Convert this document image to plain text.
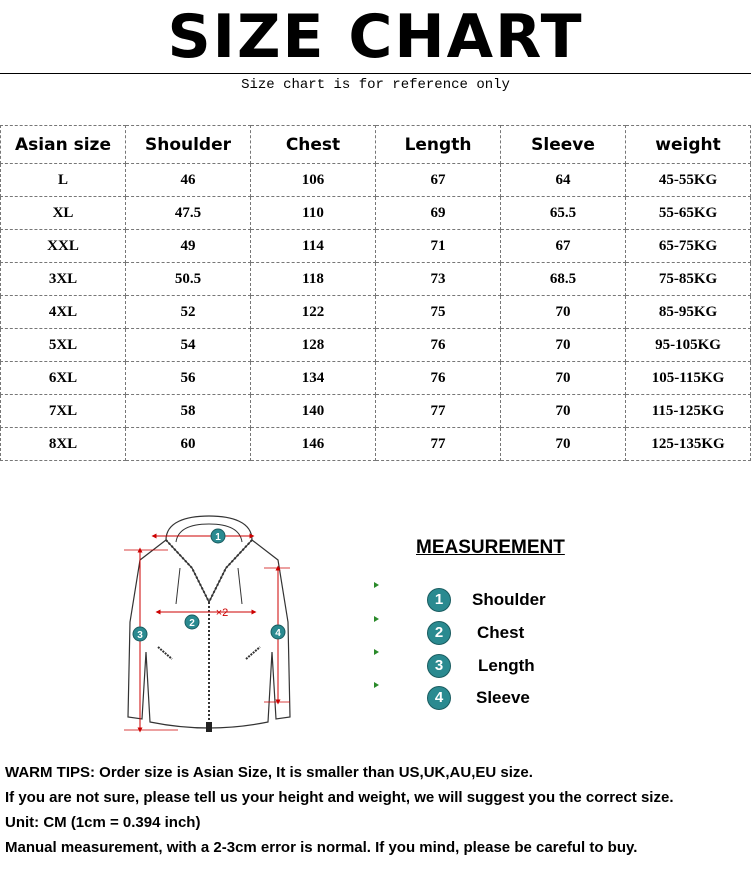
SIZE CHART
Size chart is for reference only
Asian size	Shoulder	Chest	Length	Sleeve	weight
L	46	106	67	64	45-55KG
XL	47.5	110	69	65.5	55-65KG
XXL	49	114	71	67	65-75KG
3XL	50.5	118	73	68.5	75-85KG
4XL	52	122	75	70	85-95KG
5XL	54	128	76	70	95-105KG
6XL	56	134	76	70	105-115KG
7XL	58	140	77	70	115-125KG
8XL	60	146	77	70	125-135KG
1
2
×2
3	4
MEASUREMENT
1	Shoulder
2	Chest
3	Length
4	Sleeve

WARM TIPS: Order size is Asian Size, It is smaller than US,UK,AU,EU size.

If you are not sure, please tell us your height and weight, we will suggest you the correct size.

Unit: CM (1cm = 0.394 inch)

Manual measurement, with a 2-3cm error is normal. If you mind, please be careful to buy.
